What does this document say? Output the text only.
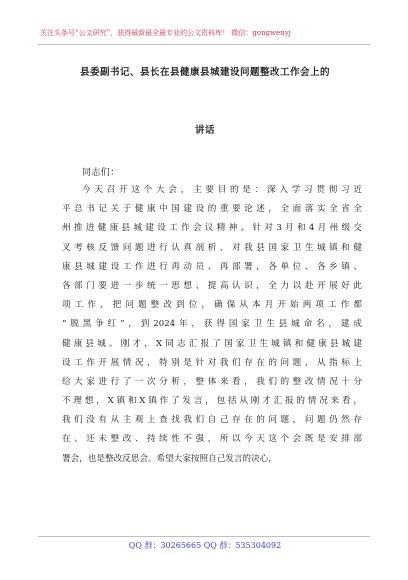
关注头条号“公文研究”，获得最新最全最专业的公文资料库！ 微信：gongwenyj
县委副书记、县长在县健康县城建设问题整改工作会上的
讲话
同志们：
今天召开这个大会，主要目的是：深入学习贯彻习近
平总书记关于健康中国建设的重要论述，全面落实全省全
州推进健康县城建设工作会议精神。针对3月和4月州级交
叉考核反馈问题进行认真剖析，对我县国家卫生城镇和健
康县城建设工作进行再动员、再部署，各单位、各乡镇、
各部门要进一步统一思想、提高认识，全力以赴开展好此
项工作，把问题整改到位，确保从本月开始两项工作都
“脱黑争红”，到2024年，获得国家卫生县城命名，建成
健康县城。刚才，X同志汇报了国家卫生城镇和健康县城建
设工作开展情况，特别是针对我们存在的问题，从指标上
给大家进行了一次分析，整体来看，我们的整改情况十分
不理想，X镇和X镇作了发言，包括从刚才汇报的情况来看，
我们没有从主观上查找我们自己存在的问题，问题仍然存
在、还未整改、持续性不强，所以今天这个会既是安排部
署会，也是整改反思会。希望大家按照自己发言的决心，
QQ 群：30265665 QQ 群：535304092
